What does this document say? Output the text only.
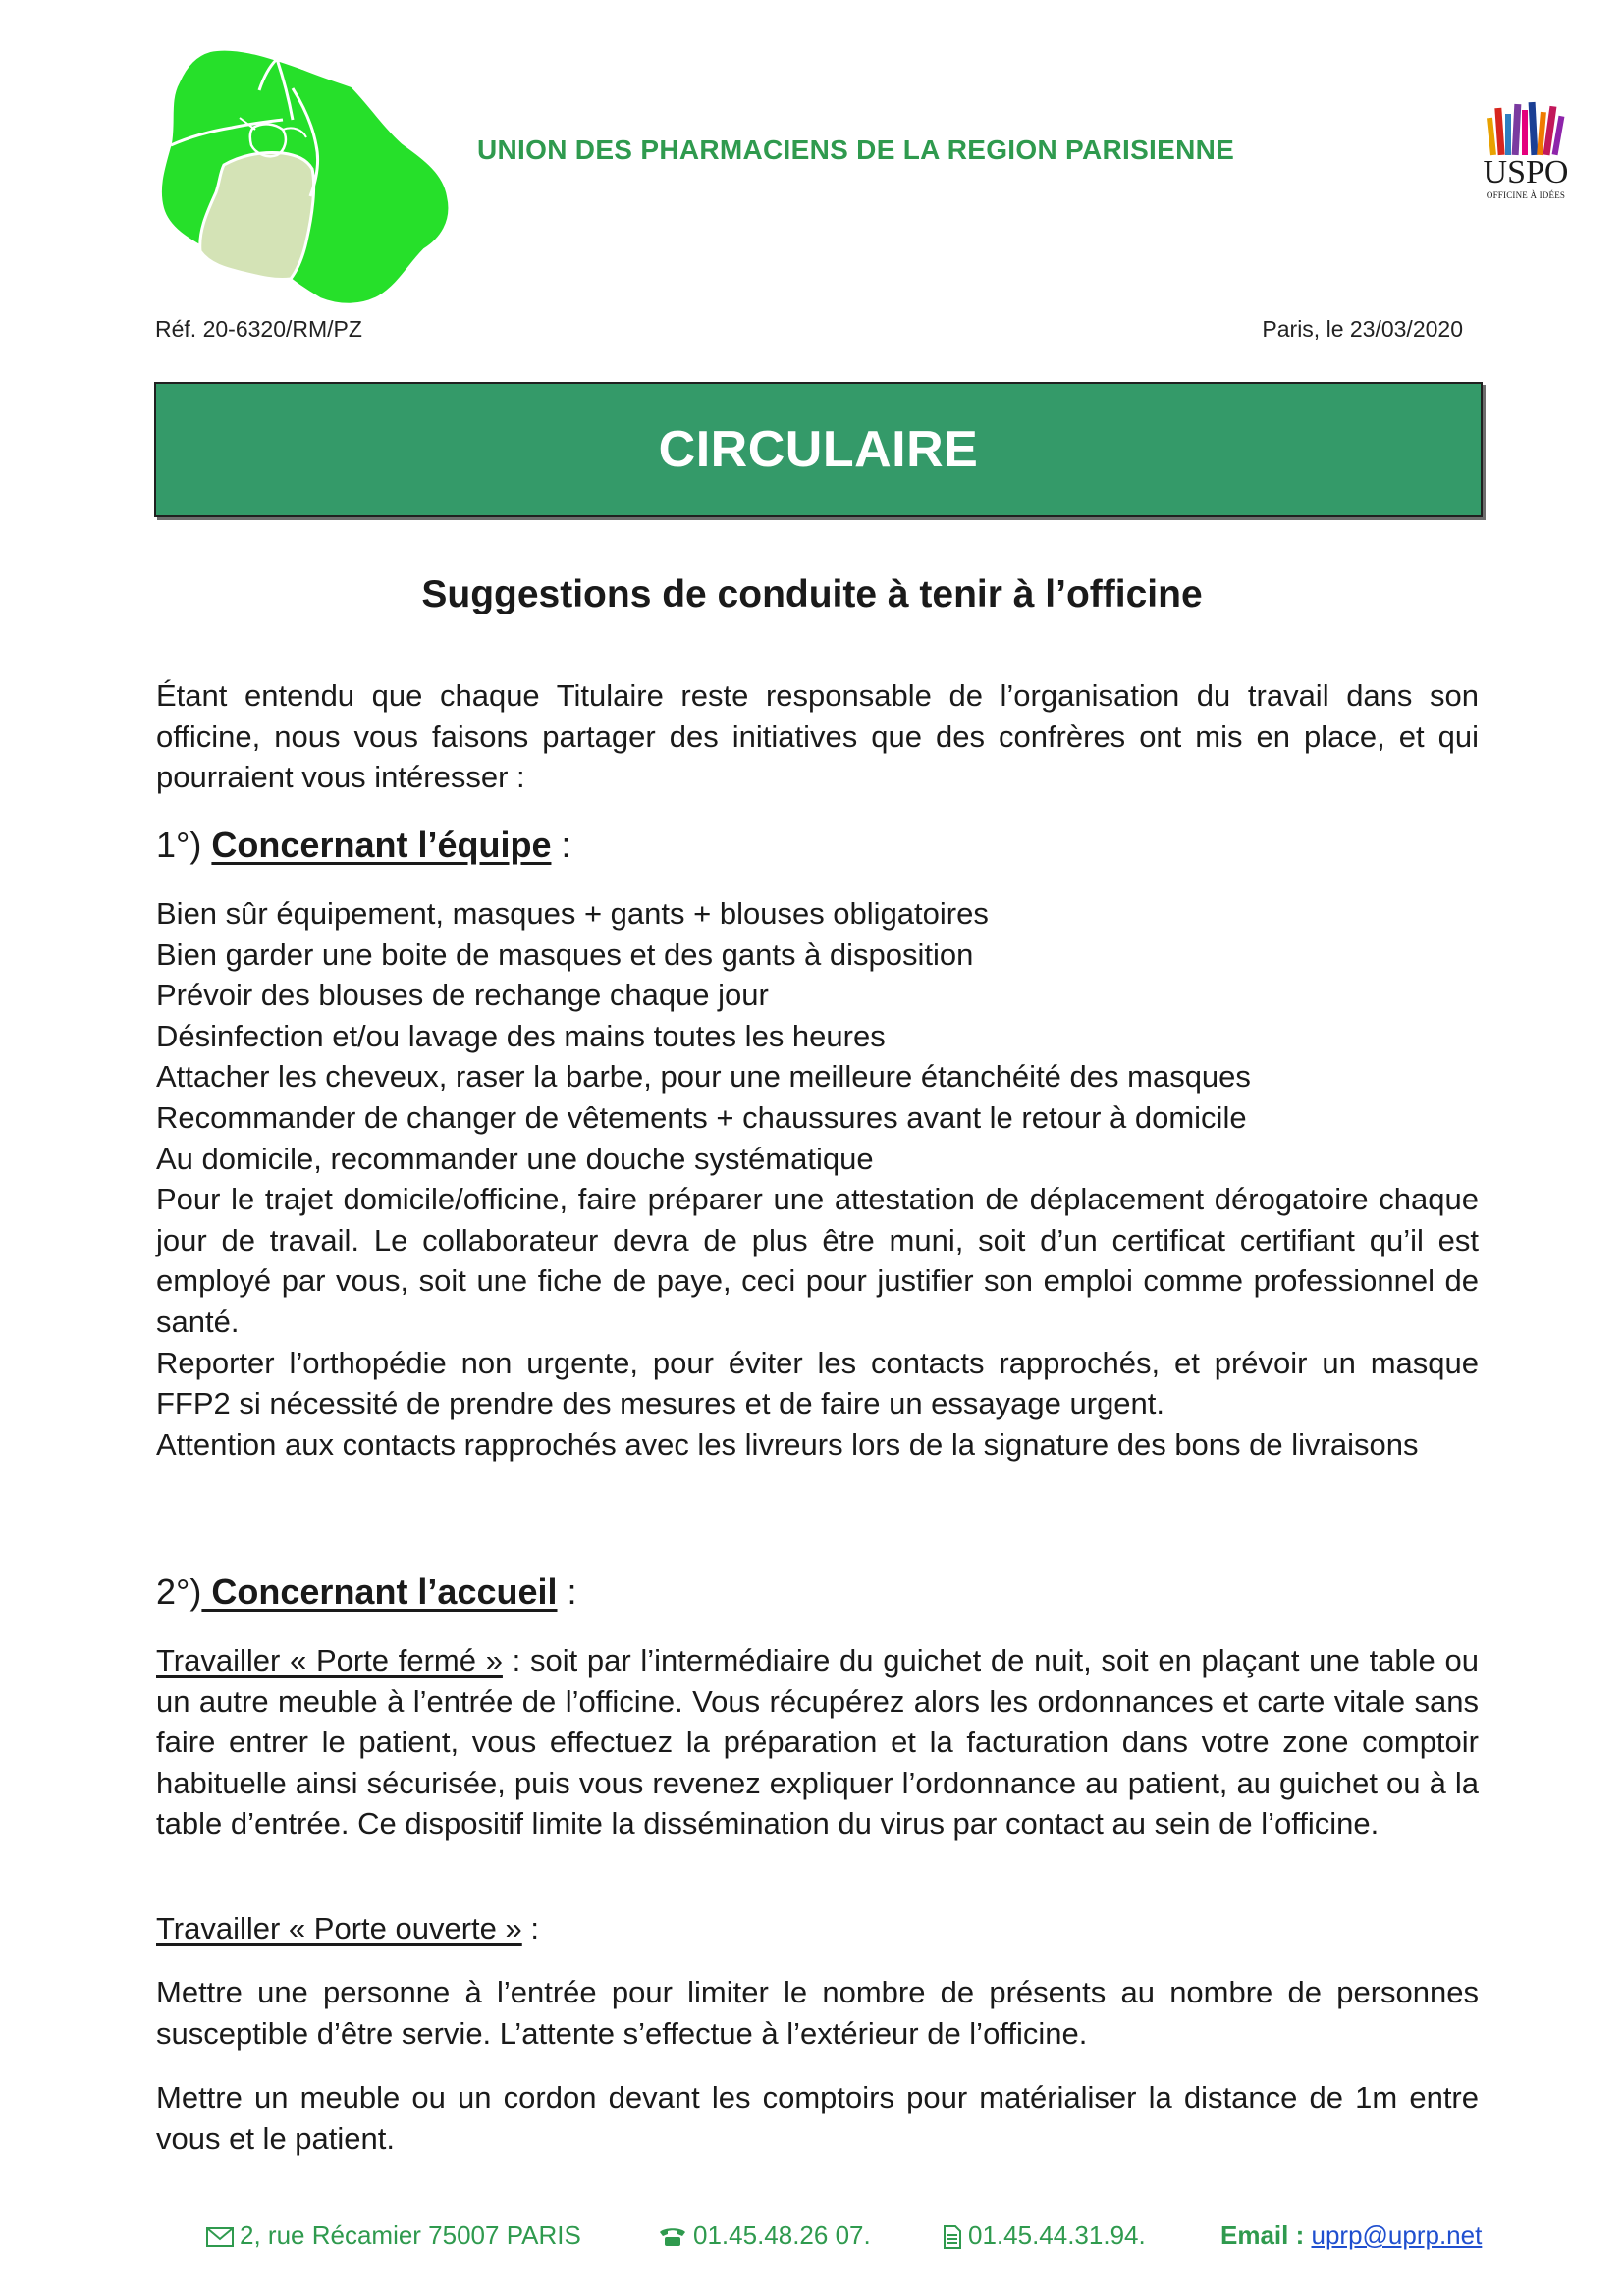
UNION DES PHARMACIENS DE LA REGION PARISIENNE
USPO
OFFICINE À IDÉES
Réf. 20-6320/RM/PZ	Paris, le 23/03/2020
CIRCULAIRE
Suggestions de conduite à tenir à l’officine

Étant entendu que chaque Titulaire reste responsable de l’organisation du travail dans son officine, nous vous faisons partager des initiatives que des confrères ont mis en place, et qui pourraient vous intéresser :

1°) Concernant l’équipe :
Bien sûr équipement, masques + gants + blouses obligatoires
Bien garder une boite de masques et des gants à disposition
Prévoir des blouses de rechange chaque jour
Désinfection et/ou lavage des mains toutes les heures
Attacher les cheveux, raser la barbe, pour une meilleure étanchéité des masques
Recommander de changer de vêtements + chaussures avant le retour à domicile
Au domicile, recommander une douche systématique
Pour le trajet domicile/officine, faire préparer une attestation de déplacement dérogatoire chaque jour de travail. Le collaborateur devra de plus être muni, soit d’un certificat certifiant qu’il est employé par vous, soit une fiche de paye, ceci pour justifier son emploi comme professionnel de santé.
Reporter l’orthopédie non urgente, pour éviter les contacts rapprochés, et prévoir un masque FFP2 si nécessité de prendre des mesures et de faire un essayage urgent.
Attention aux contacts rapprochés avec les livreurs lors de la signature des bons de livraisons
2°) Concernant l’accueil :

Travailler « Porte fermé » : soit par l’intermédiaire du guichet de nuit, soit en plaçant une table ou un autre meuble à l’entrée de l’officine. Vous récupérez alors les ordonnances et carte vitale sans faire entrer le patient, vous effectuez la préparation et la facturation dans votre zone comptoir habituelle ainsi sécurisée, puis vous revenez expliquer l’ordonnance au patient, au guichet ou à la table d’entrée. Ce dispositif limite la dissémination du virus par contact au sein de l’officine.

Travailler « Porte ouverte » :

Mettre une personne à l’entrée pour limiter le nombre de présents au nombre de personnes susceptible d’être servie. L’attente s’effectue à l’extérieur de l’officine.

Mettre un meuble ou un cordon devant les comptoirs pour matérialiser la distance de 1m entre vous et le patient.

2, rue Récamier 75007 PARIS	01.45.48.26 07.	01.45.44.31.94.	Email : uprp@uprp.net
